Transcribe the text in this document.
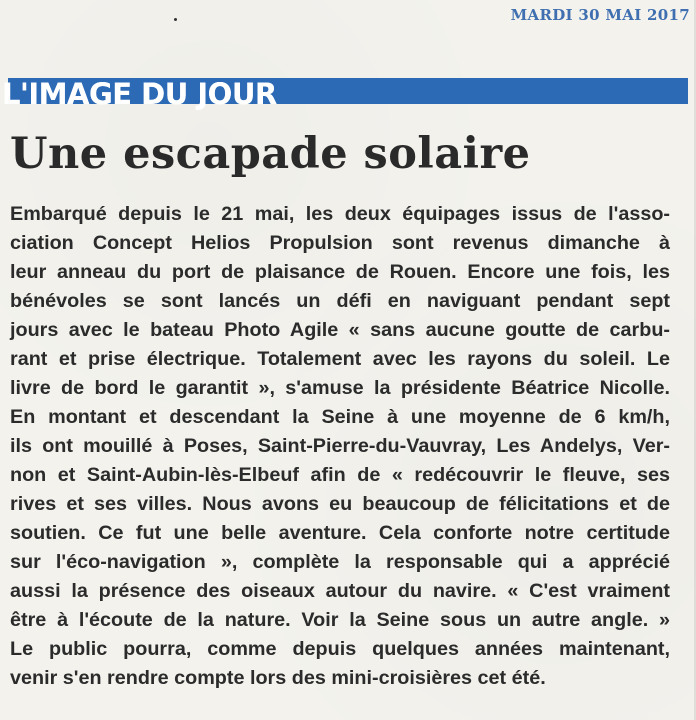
MARDI 30 MAI 2017
L'IMAGE DU JOUR
Une escapade solaire
Embarqué depuis le 21 mai, les deux équipages issus de l'asso-
ciation Concept Helios Propulsion sont revenus dimanche à
leur anneau du port de plaisance de Rouen. Encore une fois, les
bénévoles se sont lancés un défi en naviguant pendant sept
jours avec le bateau Photo Agile « sans aucune goutte de carbu-
rant et prise électrique. Totalement avec les rayons du soleil. Le
livre de bord le garantit », s'amuse la présidente Béatrice Nicolle.
En montant et descendant la Seine à une moyenne de 6 km/h,
ils ont mouillé à Poses, Saint-Pierre-du-Vauvray, Les Andelys, Ver-
non et Saint-Aubin-lès-Elbeuf afin de « redécouvrir le fleuve, ses
rives et ses villes. Nous avons eu beaucoup de félicitations et de
soutien. Ce fut une belle aventure. Cela conforte notre certitude
sur l'éco-navigation », complète la responsable qui a apprécié
aussi la présence des oiseaux autour du navire. « C'est vraiment
être à l'écoute de la nature. Voir la Seine sous un autre angle. »
Le public pourra, comme depuis quelques années maintenant,
venir s'en rendre compte lors des mini-croisières cet été.
